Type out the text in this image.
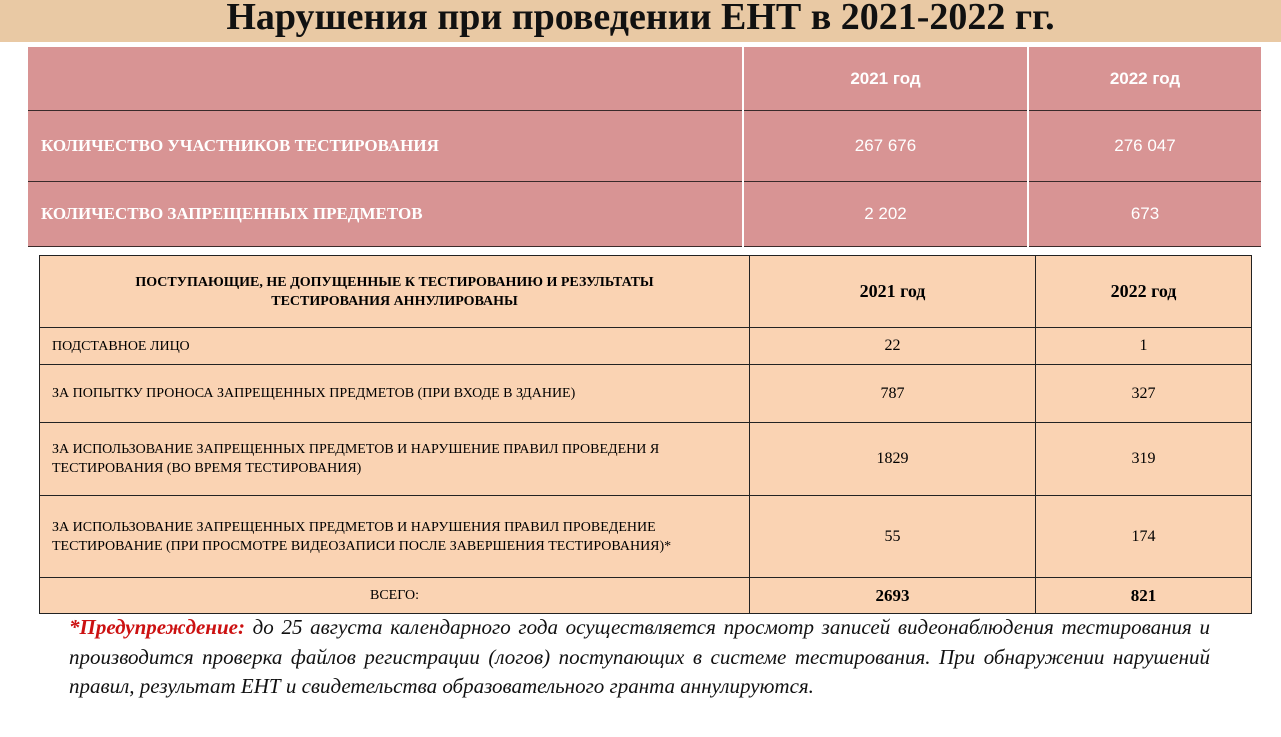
Нарушения при проведении ЕНТ в 2021-2022 гг.
	2021 год	2022 год
КОЛИЧЕСТВО УЧАСТНИКОВ ТЕСТИРОВАНИЯ	267 676	276 047
КОЛИЧЕСТВО ЗАПРЕЩЕННЫХ ПРЕДМЕТОВ	2 202	673
ПОСТУПАЮЩИЕ, НЕ ДОПУЩЕННЫЕ К ТЕСТИРОВАНИЮ И РЕЗУЛЬТАТЫ ТЕСТИРОВАНИЯ АННУЛИРОВАНЫ	2021 год	2022 год
ПОДСТАВНОЕ ЛИЦО	22	1
ЗА ПОПЫТКУ ПРОНОСА ЗАПРЕЩЕННЫХ ПРЕДМЕТОВ (ПРИ ВХОДЕ В ЗДАНИЕ)	787	327
ЗА ИСПОЛЬЗОВАНИЕ ЗАПРЕЩЕННЫХ ПРЕДМЕТОВ И НАРУШЕНИЕ ПРАВИЛ ПРОВЕДЕНИ Я ТЕСТИРОВАНИЯ (ВО ВРЕМЯ ТЕСТИРОВАНИЯ)	1829	319
ЗА ИСПОЛЬЗОВАНИЕ ЗАПРЕЩЕННЫХ ПРЕДМЕТОВ И НАРУШЕНИЯ ПРАВИЛ ПРОВЕДЕНИЕ ТЕСТИРОВАНИЕ (ПРИ ПРОСМОТРЕ ВИДЕОЗАПИСИ ПОСЛЕ ЗАВЕРШЕНИЯ ТЕСТИРОВАНИЯ)*	55	174
ВСЕГО:	2693	821
*Предупреждение: до 25 августа календарного года осуществляется просмотр записей видеонаблюдения тестирования и производится проверка файлов регистрации (логов) поступающих в системе тестирования. При обнаружении нарушений правил, результат ЕНТ и свидетельства образовательного гранта аннулируются.
